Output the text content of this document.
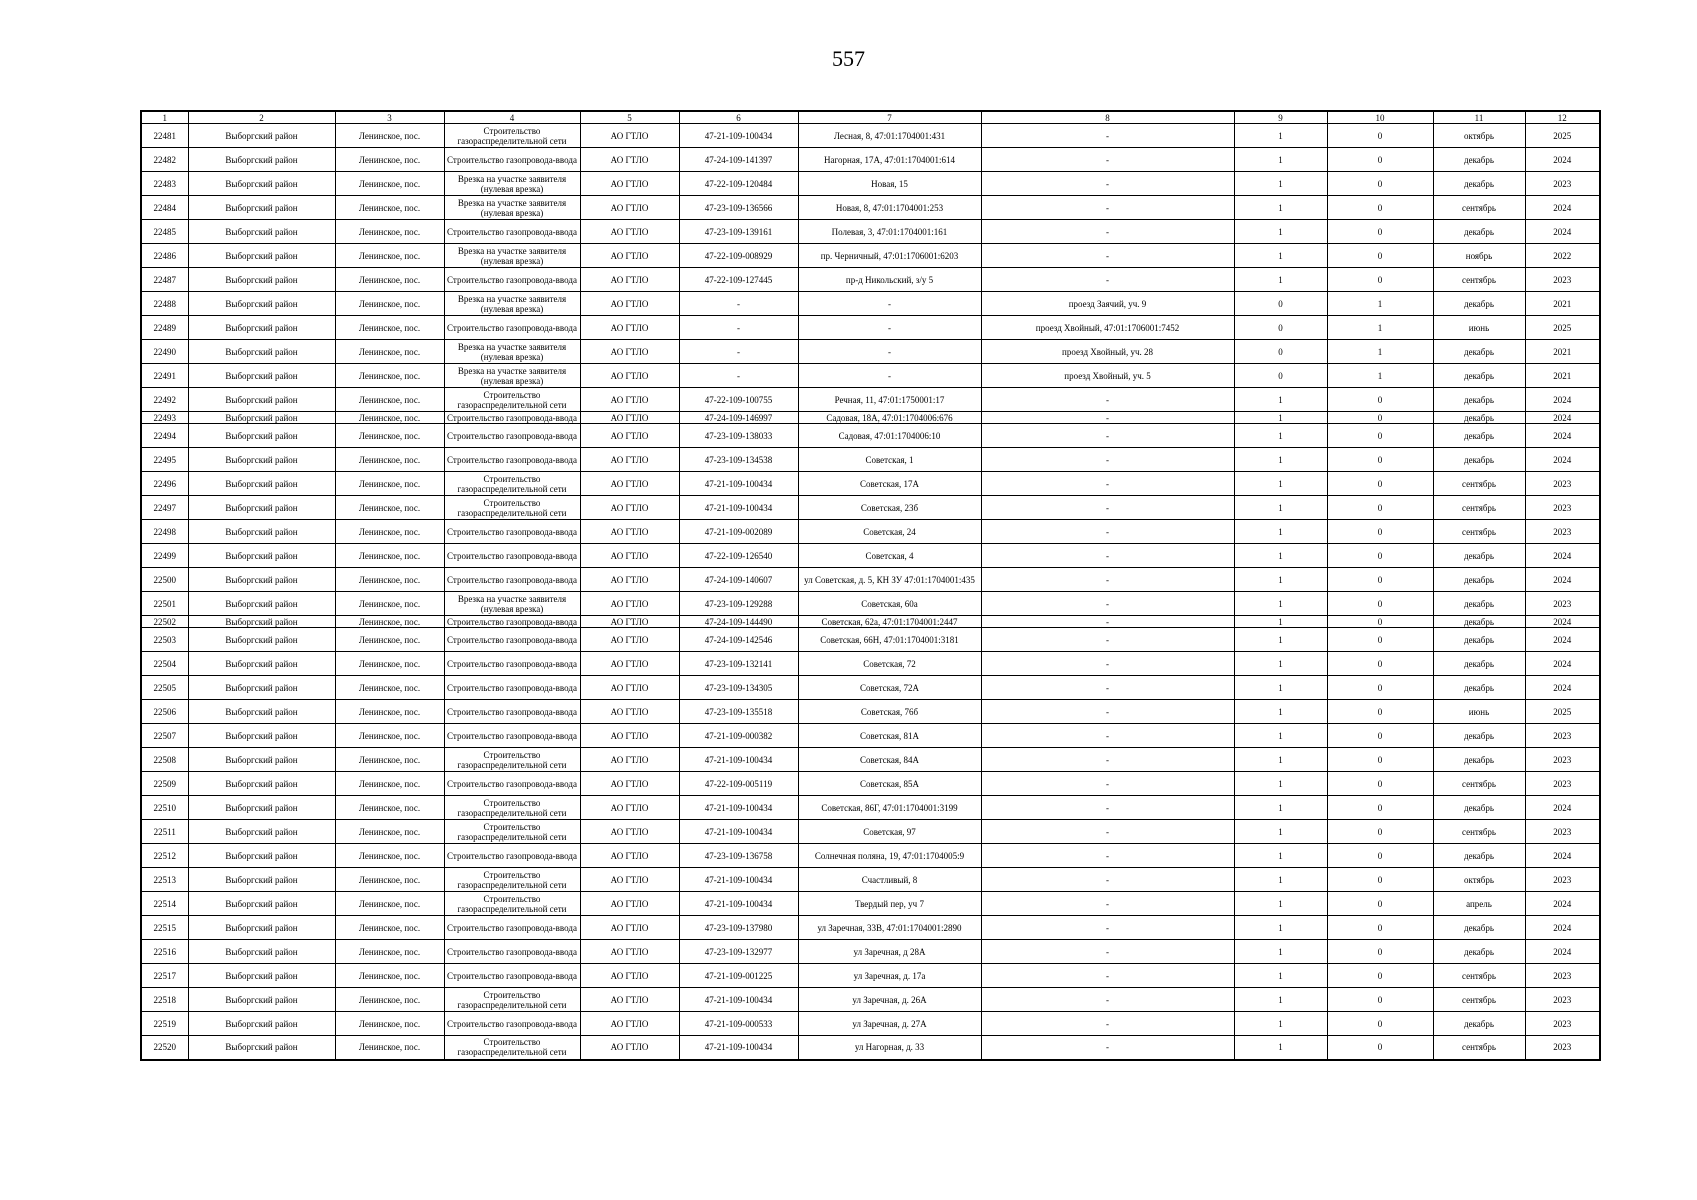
557
1	2	3	4	5	6	7	8	9	10	11	12
22481	Выборгский район	Ленинское, пос.	Строительство газораспределительной сети	АО ГТЛО	47-21-109-100434	Лесная, 8, 47:01:1704001:431	-	1	0	октябрь	2025
22482	Выборгский район	Ленинское, пос.	Строительство газопровода-ввода	АО ГТЛО	47-24-109-141397	Нагорная, 17А, 47:01:1704001:614	-	1	0	декабрь	2024
22483	Выборгский район	Ленинское, пос.	Врезка на участке заявителя (нулевая врезка)	АО ГТЛО	47-22-109-120484	Новая, 15	-	1	0	декабрь	2023
22484	Выборгский район	Ленинское, пос.	Врезка на участке заявителя (нулевая врезка)	АО ГТЛО	47-23-109-136566	Новая, 8, 47:01:1704001:253	-	1	0	сентябрь	2024
22485	Выборгский район	Ленинское, пос.	Строительство газопровода-ввода	АО ГТЛО	47-23-109-139161	Полевая, 3, 47:01:1704001:161	-	1	0	декабрь	2024
22486	Выборгский район	Ленинское, пос.	Врезка на участке заявителя (нулевая врезка)	АО ГТЛО	47-22-109-008929	пр. Черничный, 47:01:1706001:6203	-	1	0	ноябрь	2022
22487	Выборгский район	Ленинское, пос.	Строительство газопровода-ввода	АО ГТЛО	47-22-109-127445	пр-д Никольский, з/у 5	-	1	0	сентябрь	2023
22488	Выборгский район	Ленинское, пос.	Врезка на участке заявителя (нулевая врезка)	АО ГТЛО	-	-	проезд Заячий, уч. 9	0	1	декабрь	2021
22489	Выборгский район	Ленинское, пос.	Строительство газопровода-ввода	АО ГТЛО	-	-	проезд Хвойный, 47:01:1706001:7452	0	1	июнь	2025
22490	Выборгский район	Ленинское, пос.	Врезка на участке заявителя (нулевая врезка)	АО ГТЛО	-	-	проезд Хвойный, уч. 28	0	1	декабрь	2021
22491	Выборгский район	Ленинское, пос.	Врезка на участке заявителя (нулевая врезка)	АО ГТЛО	-	-	проезд Хвойный, уч. 5	0	1	декабрь	2021
22492	Выборгский район	Ленинское, пос.	Строительство газораспределительной сети	АО ГТЛО	47-22-109-100755	Речная, 11, 47:01:1750001:17	-	1	0	декабрь	2024
22493	Выборгский район	Ленинское, пос.	Строительство газопровода-ввода	АО ГТЛО	47-24-109-146997	Садовая, 18А, 47:01:1704006:676	-	1	0	декабрь	2024
22494	Выборгский район	Ленинское, пос.	Строительство газопровода-ввода	АО ГТЛО	47-23-109-138033	Садовая, 47:01:1704006:10	-	1	0	декабрь	2024
22495	Выборгский район	Ленинское, пос.	Строительство газопровода-ввода	АО ГТЛО	47-23-109-134538	Советская, 1	-	1	0	декабрь	2024
22496	Выборгский район	Ленинское, пос.	Строительство газораспределительной сети	АО ГТЛО	47-21-109-100434	Советская, 17А	-	1	0	сентябрь	2023
22497	Выборгский район	Ленинское, пос.	Строительство газораспределительной сети	АО ГТЛО	47-21-109-100434	Советская, 23б	-	1	0	сентябрь	2023
22498	Выборгский район	Ленинское, пос.	Строительство газопровода-ввода	АО ГТЛО	47-21-109-002089	Советская, 24	-	1	0	сентябрь	2023
22499	Выборгский район	Ленинское, пос.	Строительство газопровода-ввода	АО ГТЛО	47-22-109-126540	Советская, 4	-	1	0	декабрь	2024
22500	Выборгский район	Ленинское, пос.	Строительство газопровода-ввода	АО ГТЛО	47-24-109-140607	ул Советская, д. 5, КН ЗУ 47:01:1704001:435	-	1	0	декабрь	2024
22501	Выборгский район	Ленинское, пос.	Врезка на участке заявителя (нулевая врезка)	АО ГТЛО	47-23-109-129288	Советская, 60а	-	1	0	декабрь	2023
22502	Выборгский район	Ленинское, пос.	Строительство газопровода-ввода	АО ГТЛО	47-24-109-144490	Советская, 62а, 47:01:1704001:2447	-	1	0	декабрь	2024
22503	Выборгский район	Ленинское, пос.	Строительство газопровода-ввода	АО ГТЛО	47-24-109-142546	Советская, 66Н, 47:01:1704001:3181	-	1	0	декабрь	2024
22504	Выборгский район	Ленинское, пос.	Строительство газопровода-ввода	АО ГТЛО	47-23-109-132141	Советская, 72	-	1	0	декабрь	2024
22505	Выборгский район	Ленинское, пос.	Строительство газопровода-ввода	АО ГТЛО	47-23-109-134305	Советская, 72А	-	1	0	декабрь	2024
22506	Выборгский район	Ленинское, пос.	Строительство газопровода-ввода	АО ГТЛО	47-23-109-135518	Советская, 76б	-	1	0	июнь	2025
22507	Выборгский район	Ленинское, пос.	Строительство газопровода-ввода	АО ГТЛО	47-21-109-000382	Советская, 81А	-	1	0	декабрь	2023
22508	Выборгский район	Ленинское, пос.	Строительство газораспределительной сети	АО ГТЛО	47-21-109-100434	Советская, 84А	-	1	0	декабрь	2023
22509	Выборгский район	Ленинское, пос.	Строительство газопровода-ввода	АО ГТЛО	47-22-109-005119	Советская, 85А	-	1	0	сентябрь	2023
22510	Выборгский район	Ленинское, пос.	Строительство газораспределительной сети	АО ГТЛО	47-21-109-100434	Советская, 86Г, 47:01:1704001:3199	-	1	0	декабрь	2024
22511	Выборгский район	Ленинское, пос.	Строительство газораспределительной сети	АО ГТЛО	47-21-109-100434	Советская, 97	-	1	0	сентябрь	2023
22512	Выборгский район	Ленинское, пос.	Строительство газопровода-ввода	АО ГТЛО	47-23-109-136758	Солнечная поляна, 19, 47:01:1704005:9	-	1	0	декабрь	2024
22513	Выборгский район	Ленинское, пос.	Строительство газораспределительной сети	АО ГТЛО	47-21-109-100434	Счастливый, 8	-	1	0	октябрь	2023
22514	Выборгский район	Ленинское, пос.	Строительство газораспределительной сети	АО ГТЛО	47-21-109-100434	Твердый пер, уч 7	-	1	0	апрель	2024
22515	Выборгский район	Ленинское, пос.	Строительство газопровода-ввода	АО ГТЛО	47-23-109-137980	ул Заречная, 33В, 47:01:1704001:2890	-	1	0	декабрь	2024
22516	Выборгский район	Ленинское, пос.	Строительство газопровода-ввода	АО ГТЛО	47-23-109-132977	ул Заречная, д 28А	-	1	0	декабрь	2024
22517	Выборгский район	Ленинское, пос.	Строительство газопровода-ввода	АО ГТЛО	47-21-109-001225	ул Заречная, д. 17а	-	1	0	сентябрь	2023
22518	Выборгский район	Ленинское, пос.	Строительство газораспределительной сети	АО ГТЛО	47-21-109-100434	ул Заречная, д. 26А	-	1	0	сентябрь	2023
22519	Выборгский район	Ленинское, пос.	Строительство газопровода-ввода	АО ГТЛО	47-21-109-000533	ул Заречная, д. 27А	-	1	0	декабрь	2023
22520	Выборгский район	Ленинское, пос.	Строительство газораспределительной сети	АО ГТЛО	47-21-109-100434	ул Нагорная, д. 33	-	1	0	сентябрь	2023
